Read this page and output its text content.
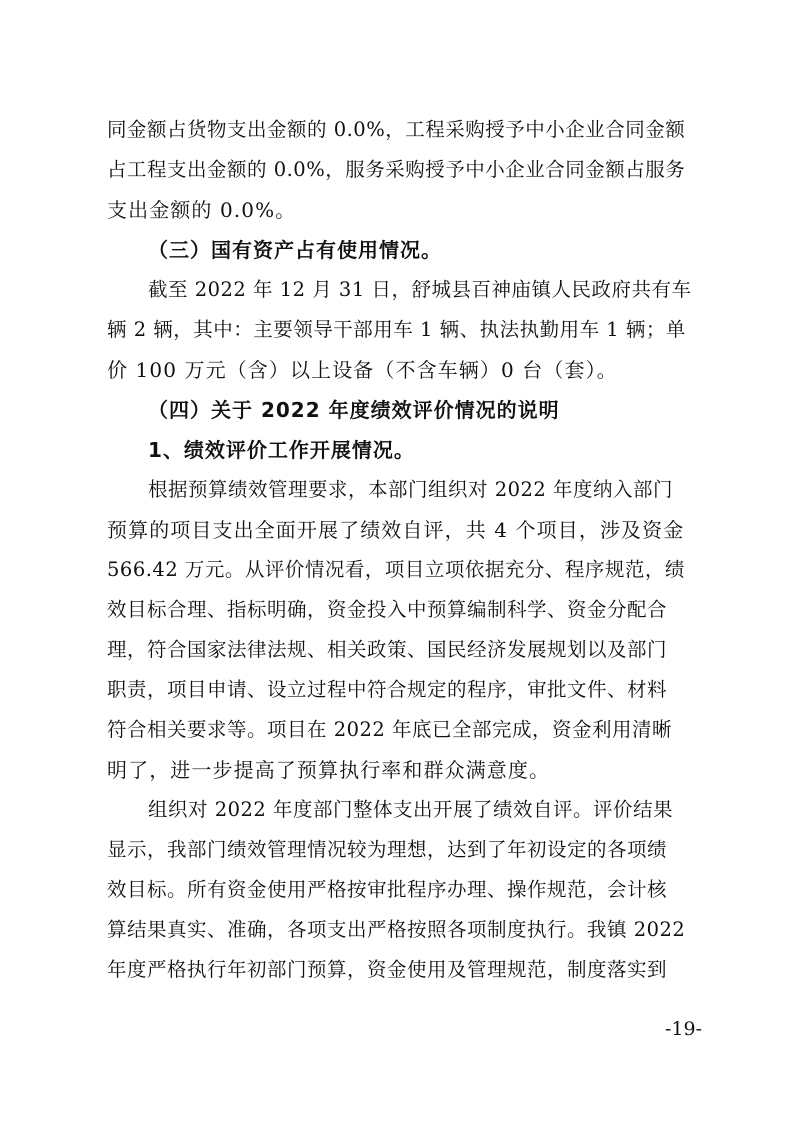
同金额占货物支出金额的 0.0%，工程采购授予中小企业合同金额
占工程支出金额的 0.0%，服务采购授予中小企业合同金额占服务
支出金额的 0.0%。
（三）国有资产占有使用情况。
截至 2022 年 12 月 31 日，舒城县百神庙镇人民政府共有车
辆 2 辆，其中：主要领导干部用车 1 辆、执法执勤用车 1 辆；单
价 100 万元（含）以上设备（不含车辆）0 台（套）。
（四）关于 2022 年度绩效评价情况的说明
1、绩效评价工作开展情况。
根据预算绩效管理要求，本部门组织对 2022 年度纳入部门
预算的项目支出全面开展了绩效自评，共 4 个项目，涉及资金
566.42 万元。从评价情况看，项目立项依据充分、程序规范，绩
效目标合理、指标明确，资金投入中预算编制科学、资金分配合
理，符合国家法律法规、相关政策、国民经济发展规划以及部门
职责，项目申请、设立过程中符合规定的程序，审批文件、材料
符合相关要求等。项目在 2022 年底已全部完成，资金利用清晰
明了，进一步提高了预算执行率和群众满意度。
组织对 2022 年度部门整体支出开展了绩效自评。评价结果
显示，我部门绩效管理情况较为理想，达到了年初设定的各项绩
效目标。所有资金使用严格按审批程序办理、操作规范，会计核
算结果真实、准确，各项支出严格按照各项制度执行。我镇 2022
年度严格执行年初部门预算，资金使用及管理规范，制度落实到
-19-
